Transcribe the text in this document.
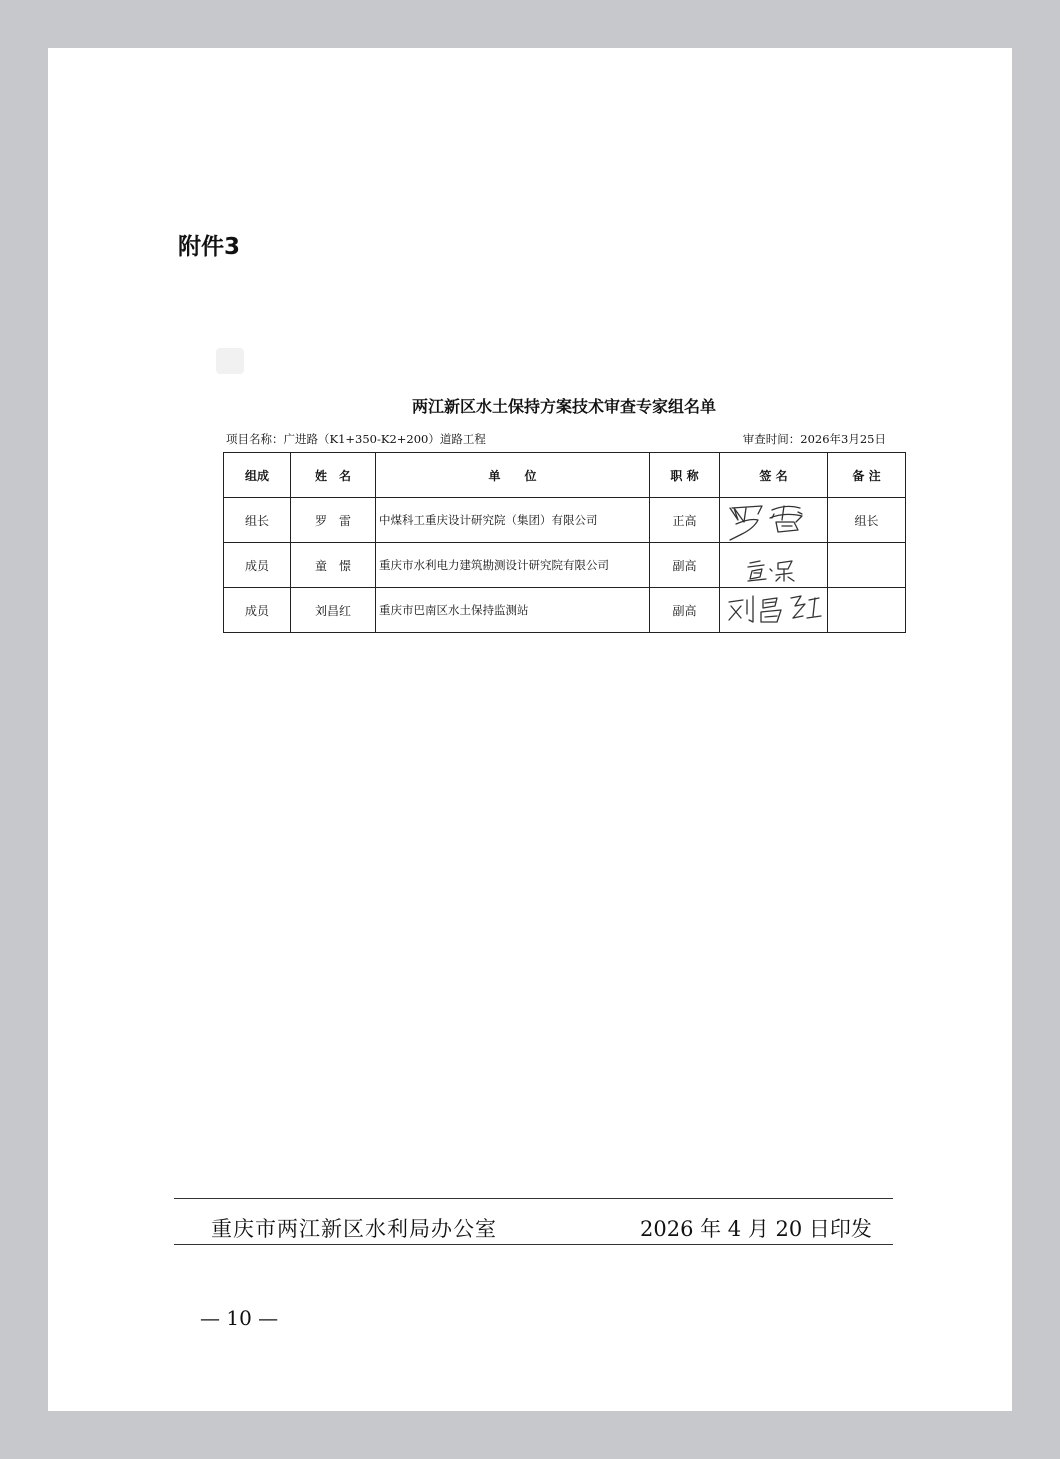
附件3
两江新区水土保持方案技术审查专家组名单
项目名称：广进路（K1+350-K2+200）道路工程	审查时间：2026年3月25日
组成	姓　名	单　　位	职 称	签 名	备 注
组长	罗　雷	中煤科工重庆设计研究院（集团）有限公司	正高		组长
成员	童　憬	重庆市水利电力建筑勘测设计研究院有限公司	副高	

成员	刘昌红	重庆市巴南区水土保持监测站	副高	

重庆市两江新区水利局办公室	2026 年 4 月 20 日印发
— 10 —
